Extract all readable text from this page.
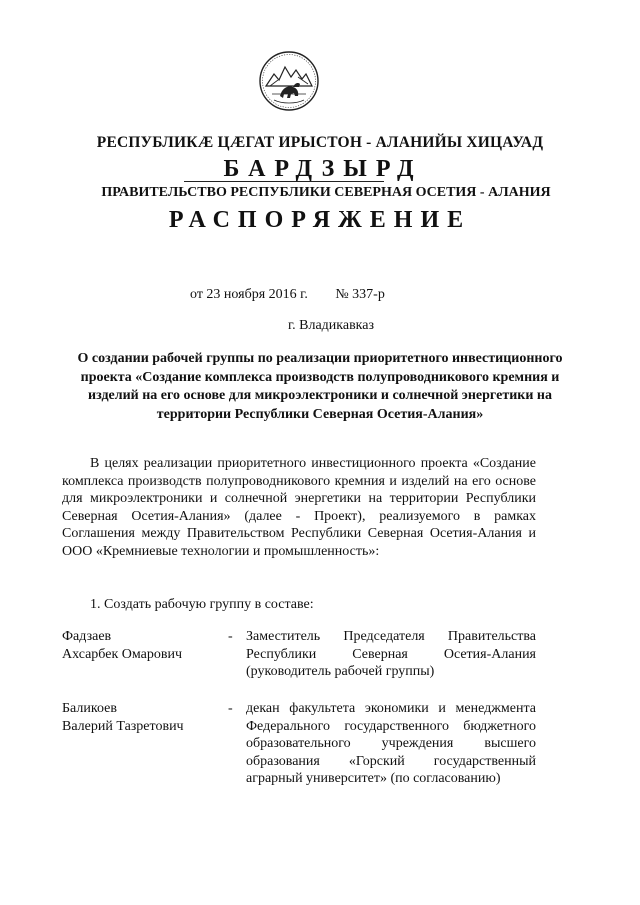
РЕСПУБЛИКӔ ЦӔГАТ ИРЫСТОН - АЛАНИЙЫ ХИЦАУАД
БАРДЗЫРД
ПРАВИТЕЛЬСТВО РЕСПУБЛИКИ СЕВЕРНАЯ ОСЕТИЯ - АЛАНИЯ
РАСПОРЯЖЕНИЕ
от 23 ноября 2016 г. № 337-р
г. Владикавказ
О создании рабочей группы по реализации приоритетного инвестиционного проекта «Создание комплекса производств полупроводникового кремния и изделий на его основе для микроэлектроники и солнечной энергетики на территории Республики Северная Осетия-Алания»
В целях реализации приоритетного инвестиционного проекта «Создание комплекса производств полупроводникового кремния и изделий на его основе для микроэлектроники и солнечной энергетики на территории Республики Северная Осетия-Алания» (далее - Проект), реализуемого в рамках Соглашения между Правительством Республики Северная Осетия-Алания и ООО «Кремниевые технологии и промышленность»:
1. Создать рабочую группу в составе:
Фадзаев
Ахсарбек Омарович
- Заместитель Председателя Правительства Республики Северная Осетия-Алания (руководитель рабочей группы)
Баликоев
Валерий Тазретович
- декан факультета экономики и менеджмента Федерального государственного бюджетного образовательного учреждения высшего образования «Горский государственный аграрный университет» (по согласованию)
